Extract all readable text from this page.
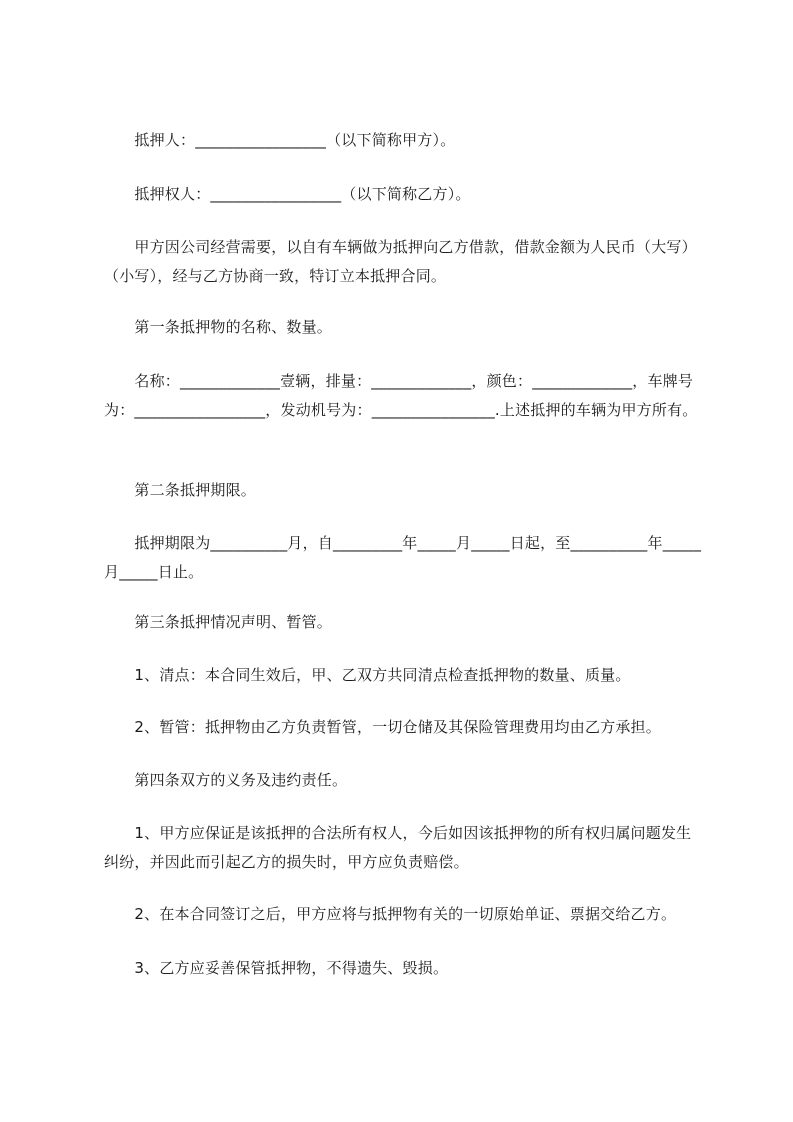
　　抵押人：_________________（以下简称甲方）。

　　抵押权人：_________________（以下简称乙方）。

　　甲方因公司经营需要，以自有车辆做为抵押向乙方借款，借款金额为人民币（大写）（小写），经与乙方协商一致，特订立本抵押合同。

　　第一条抵押物的名称、数量。

　　名称：_____________壹辆，排量：_____________，颜色：_____________，车牌号为：_________________，发动机号为：________________.上述抵押的车辆为甲方所有。

　　第二条抵押期限。

　　抵押期限为__________月，自_________年_____月_____日起，至__________年_____月_____日止。

　　第三条抵押情况声明、暂管。

　　1、清点：本合同生效后，甲、乙双方共同清点检查抵押物的数量、质量。

　　2、暂管：抵押物由乙方负责暂管，一切仓储及其保险管理费用均由乙方承担。

　　第四条双方的义务及违约责任。

　　1、甲方应保证是该抵押的合法所有权人，今后如因该抵押物的所有权归属问题发生纠纷，并因此而引起乙方的损失时，甲方应负责赔偿。

　　2、在本合同签订之后，甲方应将与抵押物有关的一切原始单证、票据交给乙方。

　　3、乙方应妥善保管抵押物，不得遗失、毁损。
